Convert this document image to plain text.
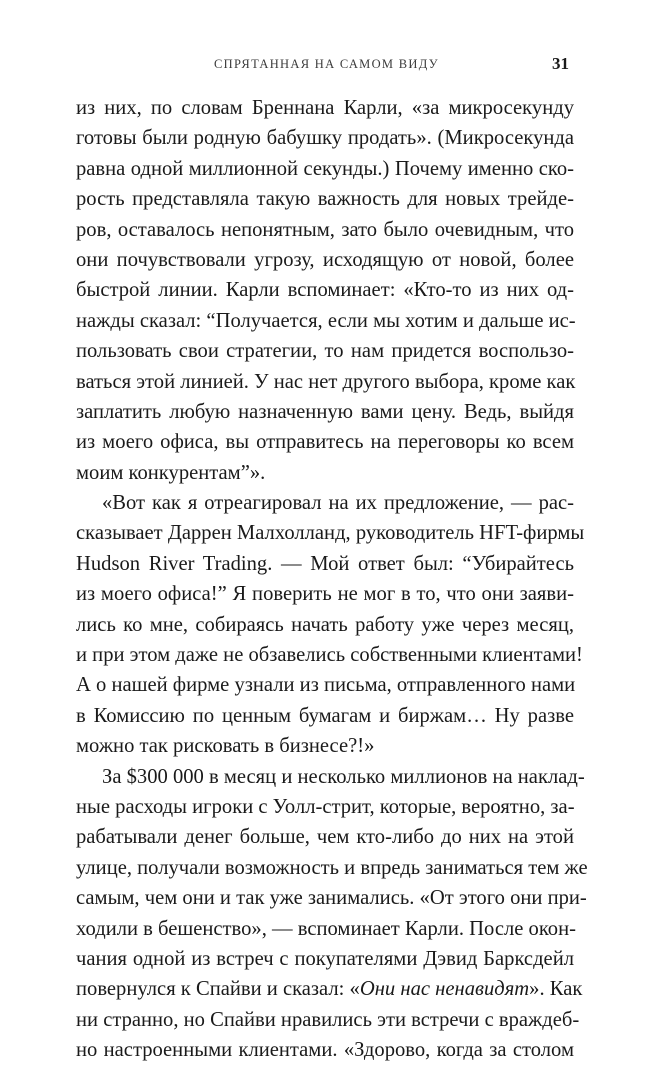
СПРЯТАННАЯ НА САМОМ ВИДУ	31
из них, по словам Бреннана Карли, «за микросекунду
готовы были родную бабушку продать». (Микросекунда
равна одной миллионной секунды.) Почему именно ско-
рость представляла такую важность для новых трейде-
ров, оставалось непонятным, зато было очевидным, что
они почувствовали угрозу, исходящую от новой, более
быстрой линии. Карли вспоминает: «Кто-то из них од-
нажды сказал: “Получается, если мы хотим и дальше ис-
пользовать свои стратегии, то нам придется воспользо-
ваться этой линией. У нас нет другого выбора, кроме как
заплатить любую назначенную вами цену. Ведь, выйдя
из моего офиса, вы отправитесь на переговоры ко всем
моим конкурентам”».
«Вот как я отреагировал на их предложение, — рас-
сказывает Даррен Малхолланд, руководитель HFT-фирмы
Hudson River Trading. — Мой ответ был: “Убирайтесь
из моего офиса!” Я поверить не мог в то, что они заяви-
лись ко мне, собираясь начать работу уже через месяц,
и при этом даже не обзавелись собственными клиентами!
А о нашей фирме узнали из письма, отправленного нами
в Комиссию по ценным бумагам и биржам… Ну разве
можно так рисковать в бизнесе?!»
За $300 000 в месяц и несколько миллионов на наклад-
ные расходы игроки с Уолл-стрит, которые, вероятно, за-
рабатывали денег больше, чем кто-либо до них на этой
улице, получали возможность и впредь заниматься тем же
самым, чем они и так уже занимались. «От этого они при-
ходили в бешенство», — вспоминает Карли. После окон-
чания одной из встреч с покупателями Дэвид Барксдейл
повернулся к Спайви и сказал: «Они нас ненавидят». Как
ни странно, но Спайви нравились эти встречи с враждеб-
но настроенными клиентами. «Здорово, когда за столом
